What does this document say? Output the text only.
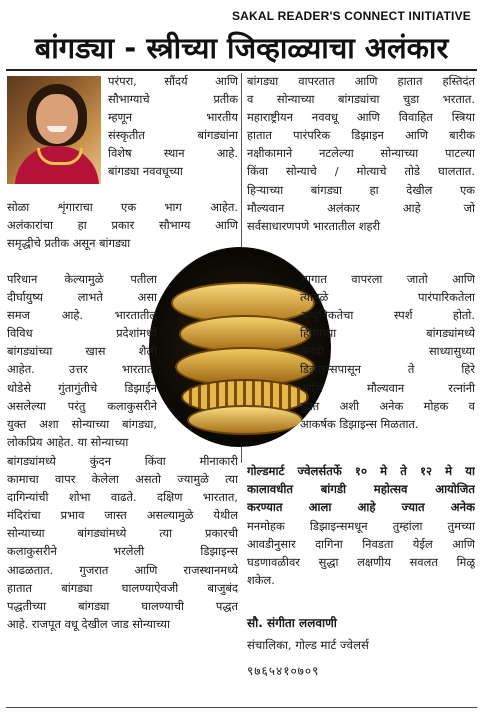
SAKAL READER'S CONNECT INITIATIVE
बांगड्या - स्त्रीच्या जिव्हाळ्याचा अलंकार
परंपरा, सौंदर्य आणि
सौभाग्याचे प्रतीक
म्हणून भारतीय
संस्कृतीत बांगड्यांना
विशेष स्थान आहे.
बांगड्या नववधूच्या
सोळा शृंगाराचा एक भाग आहेत.
अलंकारांचा हा प्रकार सौभाग्य आणि
समृद्धीचे प्रतीक असून बांगड्या
परिधान केल्यामुळे पतीला
दीर्घायुष्य लाभते असा
समज आहे. भारतातील
विविध प्रदेशांमध्ये
बांगड्यांच्या खास शैली
आहेत. उत्तर भारतात,
थोडेसे गुंतागुंतीचे डिझाईन
असलेल्या परंतु कलाकुसरीने
युक्त अशा सोन्याच्या बांगड्या,
लोकप्रिय आहेत. या सोन्याच्या
बांगड्यांमध्ये कुंदन किंवा मीनाकारी
कामाचा वापर केलेला असतो ज्यामुळे त्या
दागिन्यांची शोभा वाढते. दक्षिण भारतात,
मंदिरांचा प्रभाव जास्त असल्यामुळे येथील
सोन्याच्या बांगड्यांमध्ये त्या प्रकारची
कलाकुसरीने भरलेली डिझाइन्स
आढळतात. गुजरात आणि राजस्थानमध्ये
हातात बांगड्या घालण्याऐवजी बाजुबंद
पद्धतीच्या बांगड्या घालण्याची पद्धत
आहे. राजपूत वधू देखील जाड सोन्याच्या
बांगड्या वापरतात आणि हातात हस्तिदंत
व सोन्याच्या बांगड्यांचा चुडा भरतात.
महाराष्ट्रीयन नववधू आणि विवाहित स्त्रिया
हातात पारंपरिक डिझाइन आणि बारीक
नक्षीकामाने नटलेल्या सोन्याच्या पाटल्या
किंवा सोन्याचे / मोत्याचे तोडे घालतात.
हिऱ्याच्या बांगड्या हा देखील एक
मौल्यवान अलंकार आहे जो
सर्वसाधारणपणे भारतातील शहरी
भागात वापरला जातो आणि
त्यामुळे पारंपारिकतेला
आधुनिकतेचा स्पर्श होतो.
हिऱ्याच्या बांगड्यांमध्ये
अगदी साध्यासुध्या
डिझाइन्सपासून ते हिरे
आणि मौल्यवान रत्नांनी
युक्त अशी अनेक मोहक व
आकर्षक डिझाइन्स मिळतात.
गोल्डमार्ट ज्वेलर्सतर्फे १० मे ते १२ मे या
कालावधीत बांगडी महोत्सव आयोजित
करण्यात आला आहे ज्यात अनेक
मनमोहक डिझाइन्समधून तुम्हांला तुमच्या
आवडीनुसार दागिना निवडता येईल आणि
घडणावळीवर सुद्धा लक्षणीय सवलत मिळू
शकेल.
सौ. संगीता ललवाणी
संचालिका, गोल्ड मार्ट ज्वेलर्स
९७६५४१०७०९
